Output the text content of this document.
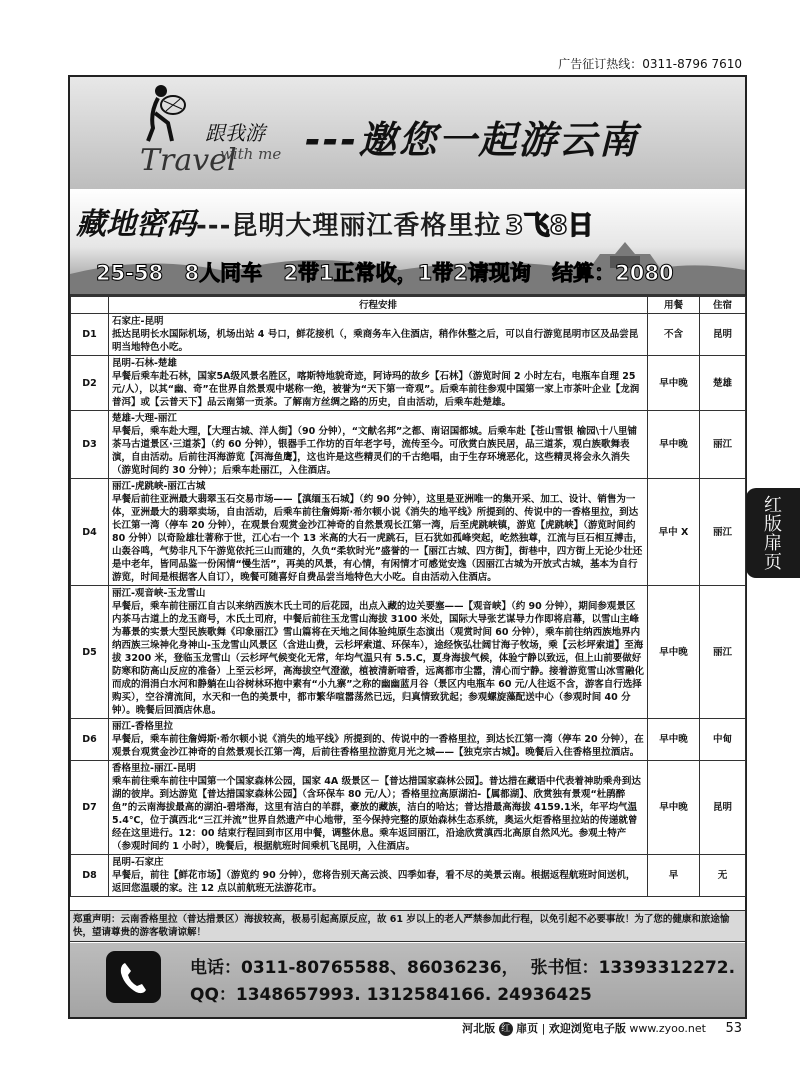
广告征订热线：0311-8796 7610
跟我游
Travel
with me ---邀您一起游云南
藏地密码---昆明大理丽江香格里拉 3飞8日
25-58 8人同车 2带1正常收，1带2请现询 结算：2080
	行程安排	用餐	住宿
D1	石家庄-昆明
抵达昆明长水国际机场，机场出站 4 号口，鲜花接机（，乘商务车入住酒店，稍作休整之后，可以自行游览昆明市区及品尝昆明当地特色小吃。	不含	昆明
D2	昆明-石林-楚雄
早餐后乘车赴石林，国家5A级风景名胜区，喀斯特地貌奇迹，阿诗玛的故乡【石林】（游览时间 2 小时左右，电瓶车自理 25 元/人），以其“幽、奇”在世界自然景观中堪称一绝，被誉为“天下第一奇观”。后乘车前往参观中国第一家上市茶叶企业【龙润普洱】或【云普天下】品云南第一贡茶。了解南方丝绸之路的历史，自由活动，后乘车赴楚雄。	早中晚	楚雄
D3	楚雄-大理-丽江
早餐后，乘车赴大理，【大理古城、洋人街】（90 分钟），“文献名邦”之都、南诏国都城。后乘车赴【苍山雪银 榆园\十八里铺茶马古道景区·三道茶】（约 60 分钟），银器手工作坊的百年老字号，流传至今。可欣赏白族民居，品三道茶，观白族歌舞表演，自由活动。后前往洱海游览【洱海鱼鹰】，这也许是这些精灵们的千古绝唱，由于生存环境恶化，这些精灵将会永久消失（游览时间约 30 分钟）；后乘车赴丽江，入住酒店。	早中晚	丽江
D4	丽江-虎跳峡-丽江古城
早餐后前往亚洲最大翡翠玉石交易市场——【滇缅玉石城】（约 90 分钟），这里是亚洲唯一的集开采、加工、设计、销售为一体，亚洲最大的翡翠卖场，自由活动，后乘车前往詹姆斯·希尔顿小说《消失的地平线》所提到的、传说中的一香格里拉，到达长江第一湾（停车 20 分钟），在观景台观赏金沙江神奇的自然景观长江第一湾，后至虎跳峡镇，游览【虎跳峡】（游览时间约 80 分钟）以奇险雄壮著称于世，江心右一个 13 米高的大石一虎跳石，巨石犹如孤峰突起，屹然独尊，江流与巨石相互搏击，山轰谷鸣，气势非凡下午游览依托三山而建的，久负“柔软时光”盛誉的一【丽江古城、四方街】，街巷中，四方街上无论少壮还是中老年，皆同品鉴一份闲情“慢生活”，再美的风景，有心情，有闲情才可感觉安逸（因丽江古城为开放式古城，基本为自行游览，时间是根据客人自订），晚餐可随喜好自费品尝当地特色大小吃。自由活动入住酒店。	早中 X	丽江
D5	丽江-观音峡-玉龙雪山
早餐后，乘车前往丽江自古以来纳西族木氏土司的后花园，出点入藏的边关要塞——【观音峡】（约 90 分钟），期间参观景区内茶马古道上的龙玉商号，木氏土司府，中餐后前往玉龙雪山海拔 3100 米处，国际大导张艺谋导力作即将启幕，以雪山主峰为幕景的实景大型民族歌舞《印象丽江》雪山篇将在天地之间体验纯原生态演出（观赏时间 60 分钟），乘车前往纳西族地界内纳西族三垛神化身神山-玉龙雪山风景区（含进山费，云杉坪索道、环保车），途经恢弘壮阔甘海子牧场，乘【云杉坪索道】至海拔 3200 米，登临玉龙雪山（云杉坪气候变化无常，年均气温只有 5.5.C，夏身海拔气候，体验宁静以致远，但上山前要做好防寒和防高山反应的准备）上至云杉坪，高海拔空气澄澈，植被清新喑香，远离都市尘嚣，清心而宁静。接着游览雪山冰雪融化而成的涓涓白水河和静躺在山谷树林环抱中素有“小九寨”之称的幽幽蓝月谷（景区内电瓶车 60 元/人往返不含，游客自行选择购买），空谷清流间，水天和一色的美景中，都市繁华喧嚣荡然已远，归真情致犹起；参观螺旋藻配送中心（参观时间 40 分钟）。晚餐后回酒店休息。	早中晚	丽江
D6	丽江-香格里拉
早餐后，乘车前往詹姆斯·希尔顿小说《消失的地平线》所提到的、传说中的一香格里拉，到达长江第一湾（停车 20 分钟），在观景台观赏金沙江神奇的自然景观长江第一湾，后前往香格里拉游览月光之城——【独克宗古城】。晚餐后入住香格里拉酒店。	早中晚	中甸
D7	香格里拉-丽江-昆明
乘车前往乘车前往中国第一个国家森林公园，国家 4A 级景区－【普达措国家森林公园】。普达措在藏语中代表着神助乘舟到达湖的彼岸。到达游览【普达措国家森林公园】（含环保车 80 元/人）；香格里拉高原湖泊-【属都湖】、欣赏独有景观“杜鹃醉鱼”的云南海拔最高的湖泊-碧塔海，这里有洁白的羊群，豪放的藏族，洁白的哈达；普达措最高海拔 4159.1米，年平均气温 5.4℃，位于滇西北“三江并流”世界自然遗产中心地带，至今保持完整的原始森林生态系统，奥运火炬香格里拉站的传递就曾经在这里进行。12：00 结束行程回到市区用中餐，调整休息。乘车返回丽江，沿途欣赏滇西北高原自然风光。参观土特产（参观时间约 1 小时），晚餐后，根据航班时间乘机飞昆明，入住酒店。	早中晚	昆明
D8	昆明-石家庄
早餐后，前往【鲜花市场】（游览约 90 分钟），您将告别天高云淡、四季如春，看不尽的美景云南。根据返程航班时间送机，返回您温暖的家。注 12 点以前航班无法游花市。	早	无
郑重声明：云南香格里拉（普达措景区）海拔较高，极易引起高原反应，故 61 岁以上的老人严禁参加此行程，以免引起不必要事故！为了您的健康和旅途愉快，望请尊贵的游客敬请谅解！
电话：0311-80765588、86036236， 张书恒：13393312272.
QQ：1348657993. 1312584166. 24936425
河北版 红 扉页 | 欢迎浏览电子版 www.zyoo.net 53
红
版
扉
页
